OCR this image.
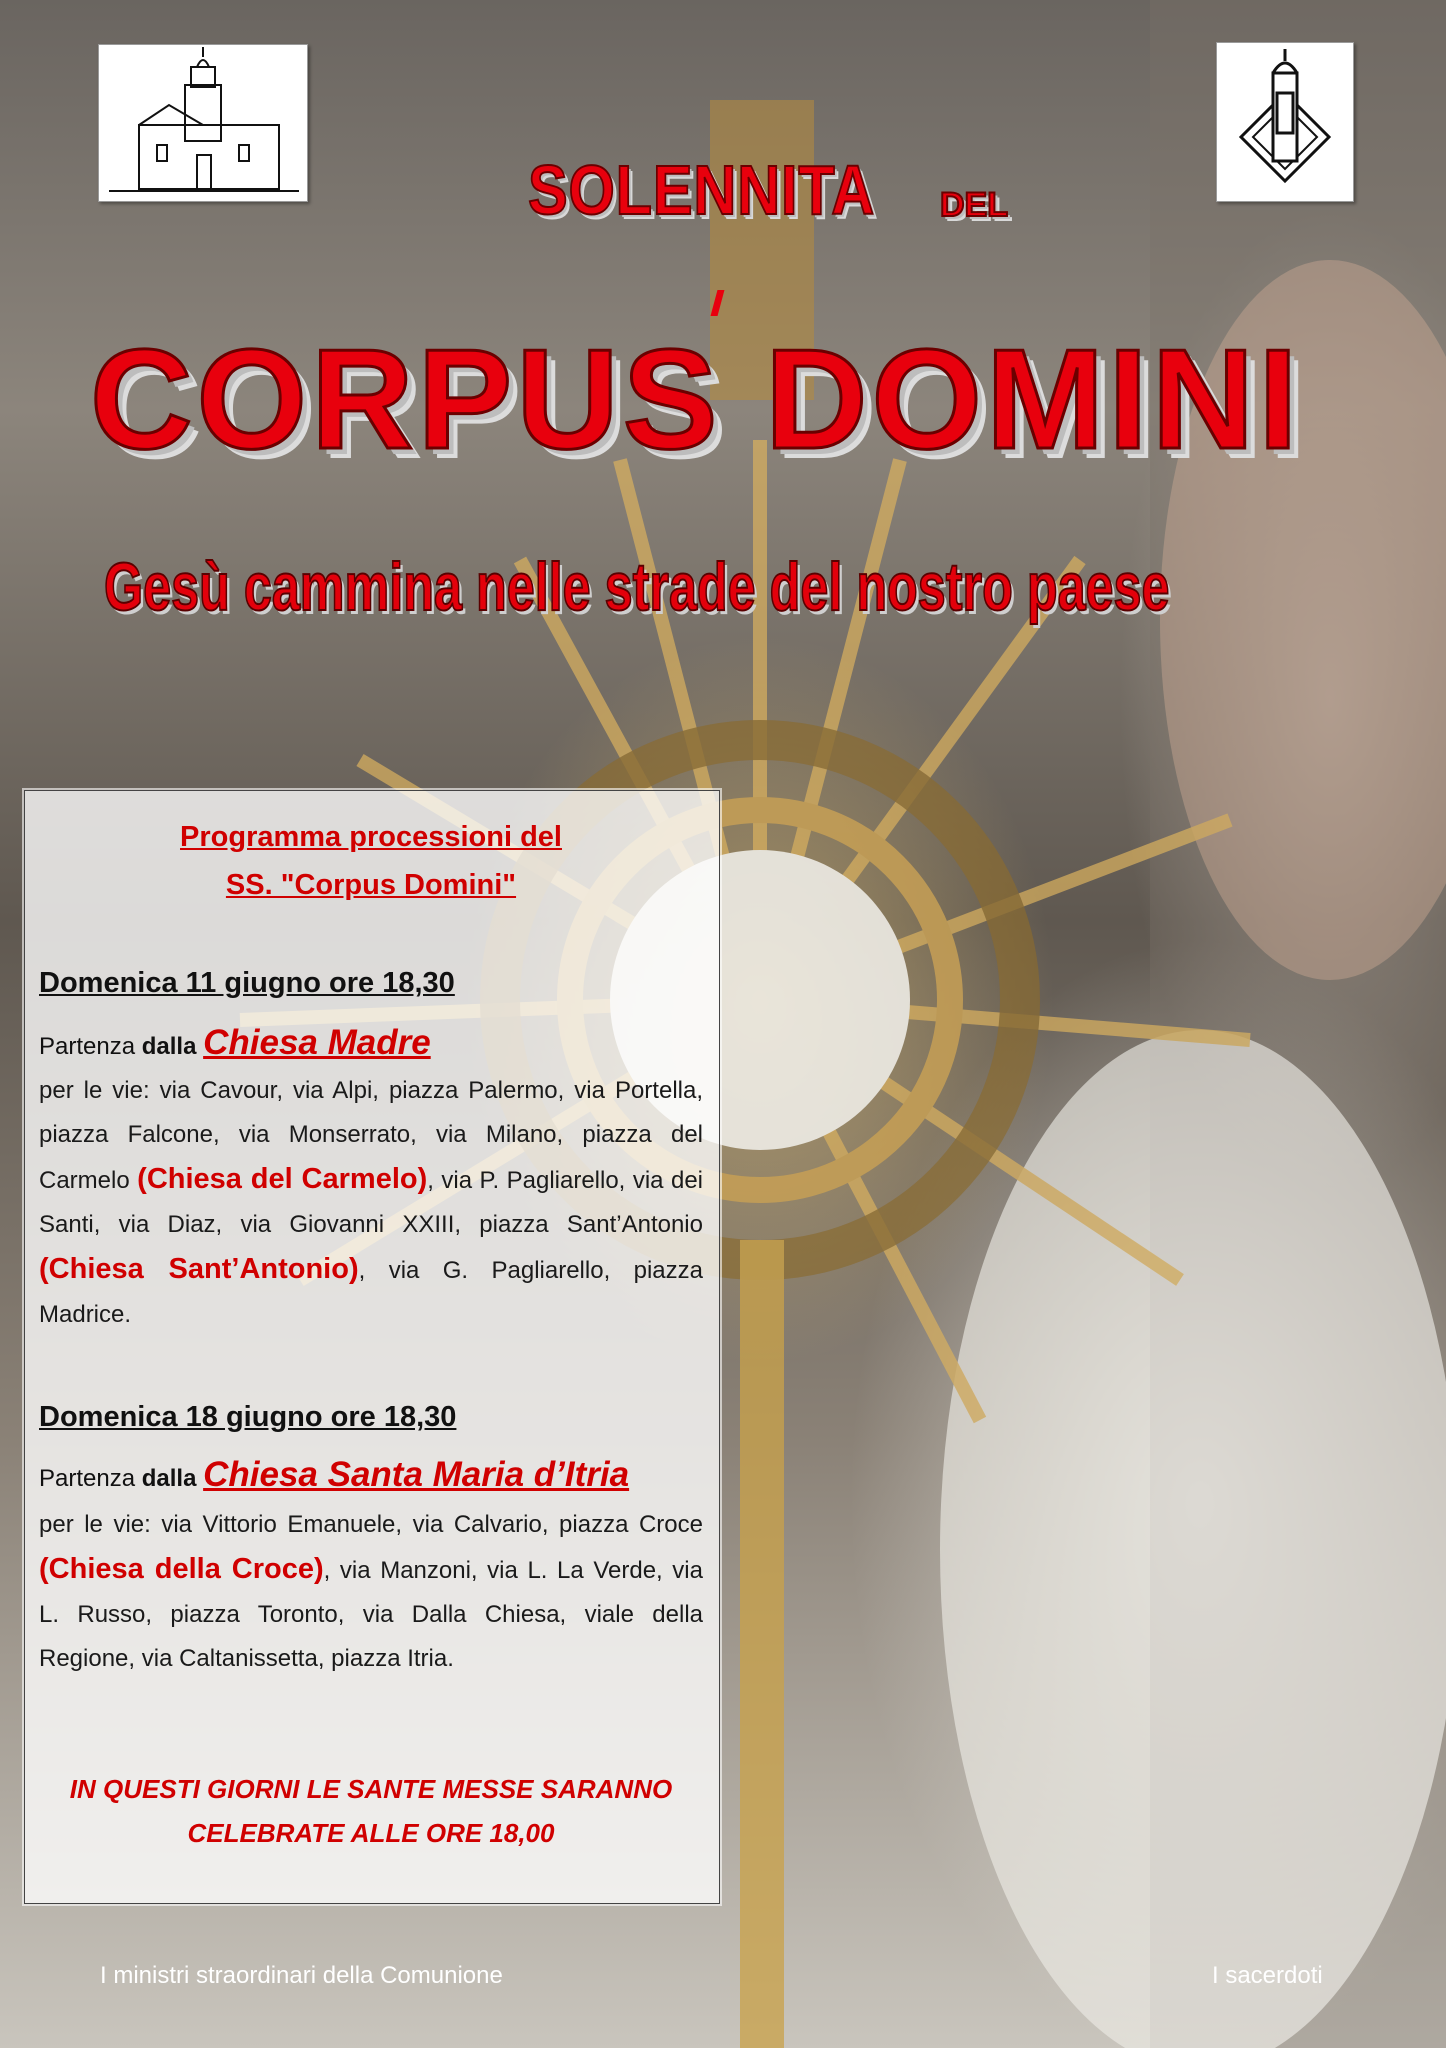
SOLENNITA DEL
CORPUS DOMINI
Gesù cammina nelle strade del nostro paese
Programma processioni del
SS. "Corpus Domini"
Domenica 11 giugno ore 18,30
Partenza dalla Chiesa Madre
per le vie: via Cavour, via Alpi, piazza Palermo, via Portella, piazza Falcone, via Monserrato, via Milano, piazza del Carmelo (Chiesa del Carmelo), via P. Pagliarello, via dei Santi, via Diaz, via Giovanni XXIII, piazza Sant’Antonio (Chiesa Sant’Antonio), via G. Pagliarello, piazza Madrice.
Domenica 18 giugno ore 18,30
Partenza dalla Chiesa Santa Maria d’Itria
per le vie: via Vittorio Emanuele, via Calvario, piazza Croce (Chiesa della Croce), via Manzoni, via L. La Verde, via L. Russo, piazza Toronto, via Dalla Chiesa, viale della Regione, via Caltanissetta, piazza Itria.
IN QUESTI GIORNI LE SANTE MESSE SARANNO
CELEBRATE ALLE ORE 18,00
I ministri straordinari della Comunione	I sacerdoti
